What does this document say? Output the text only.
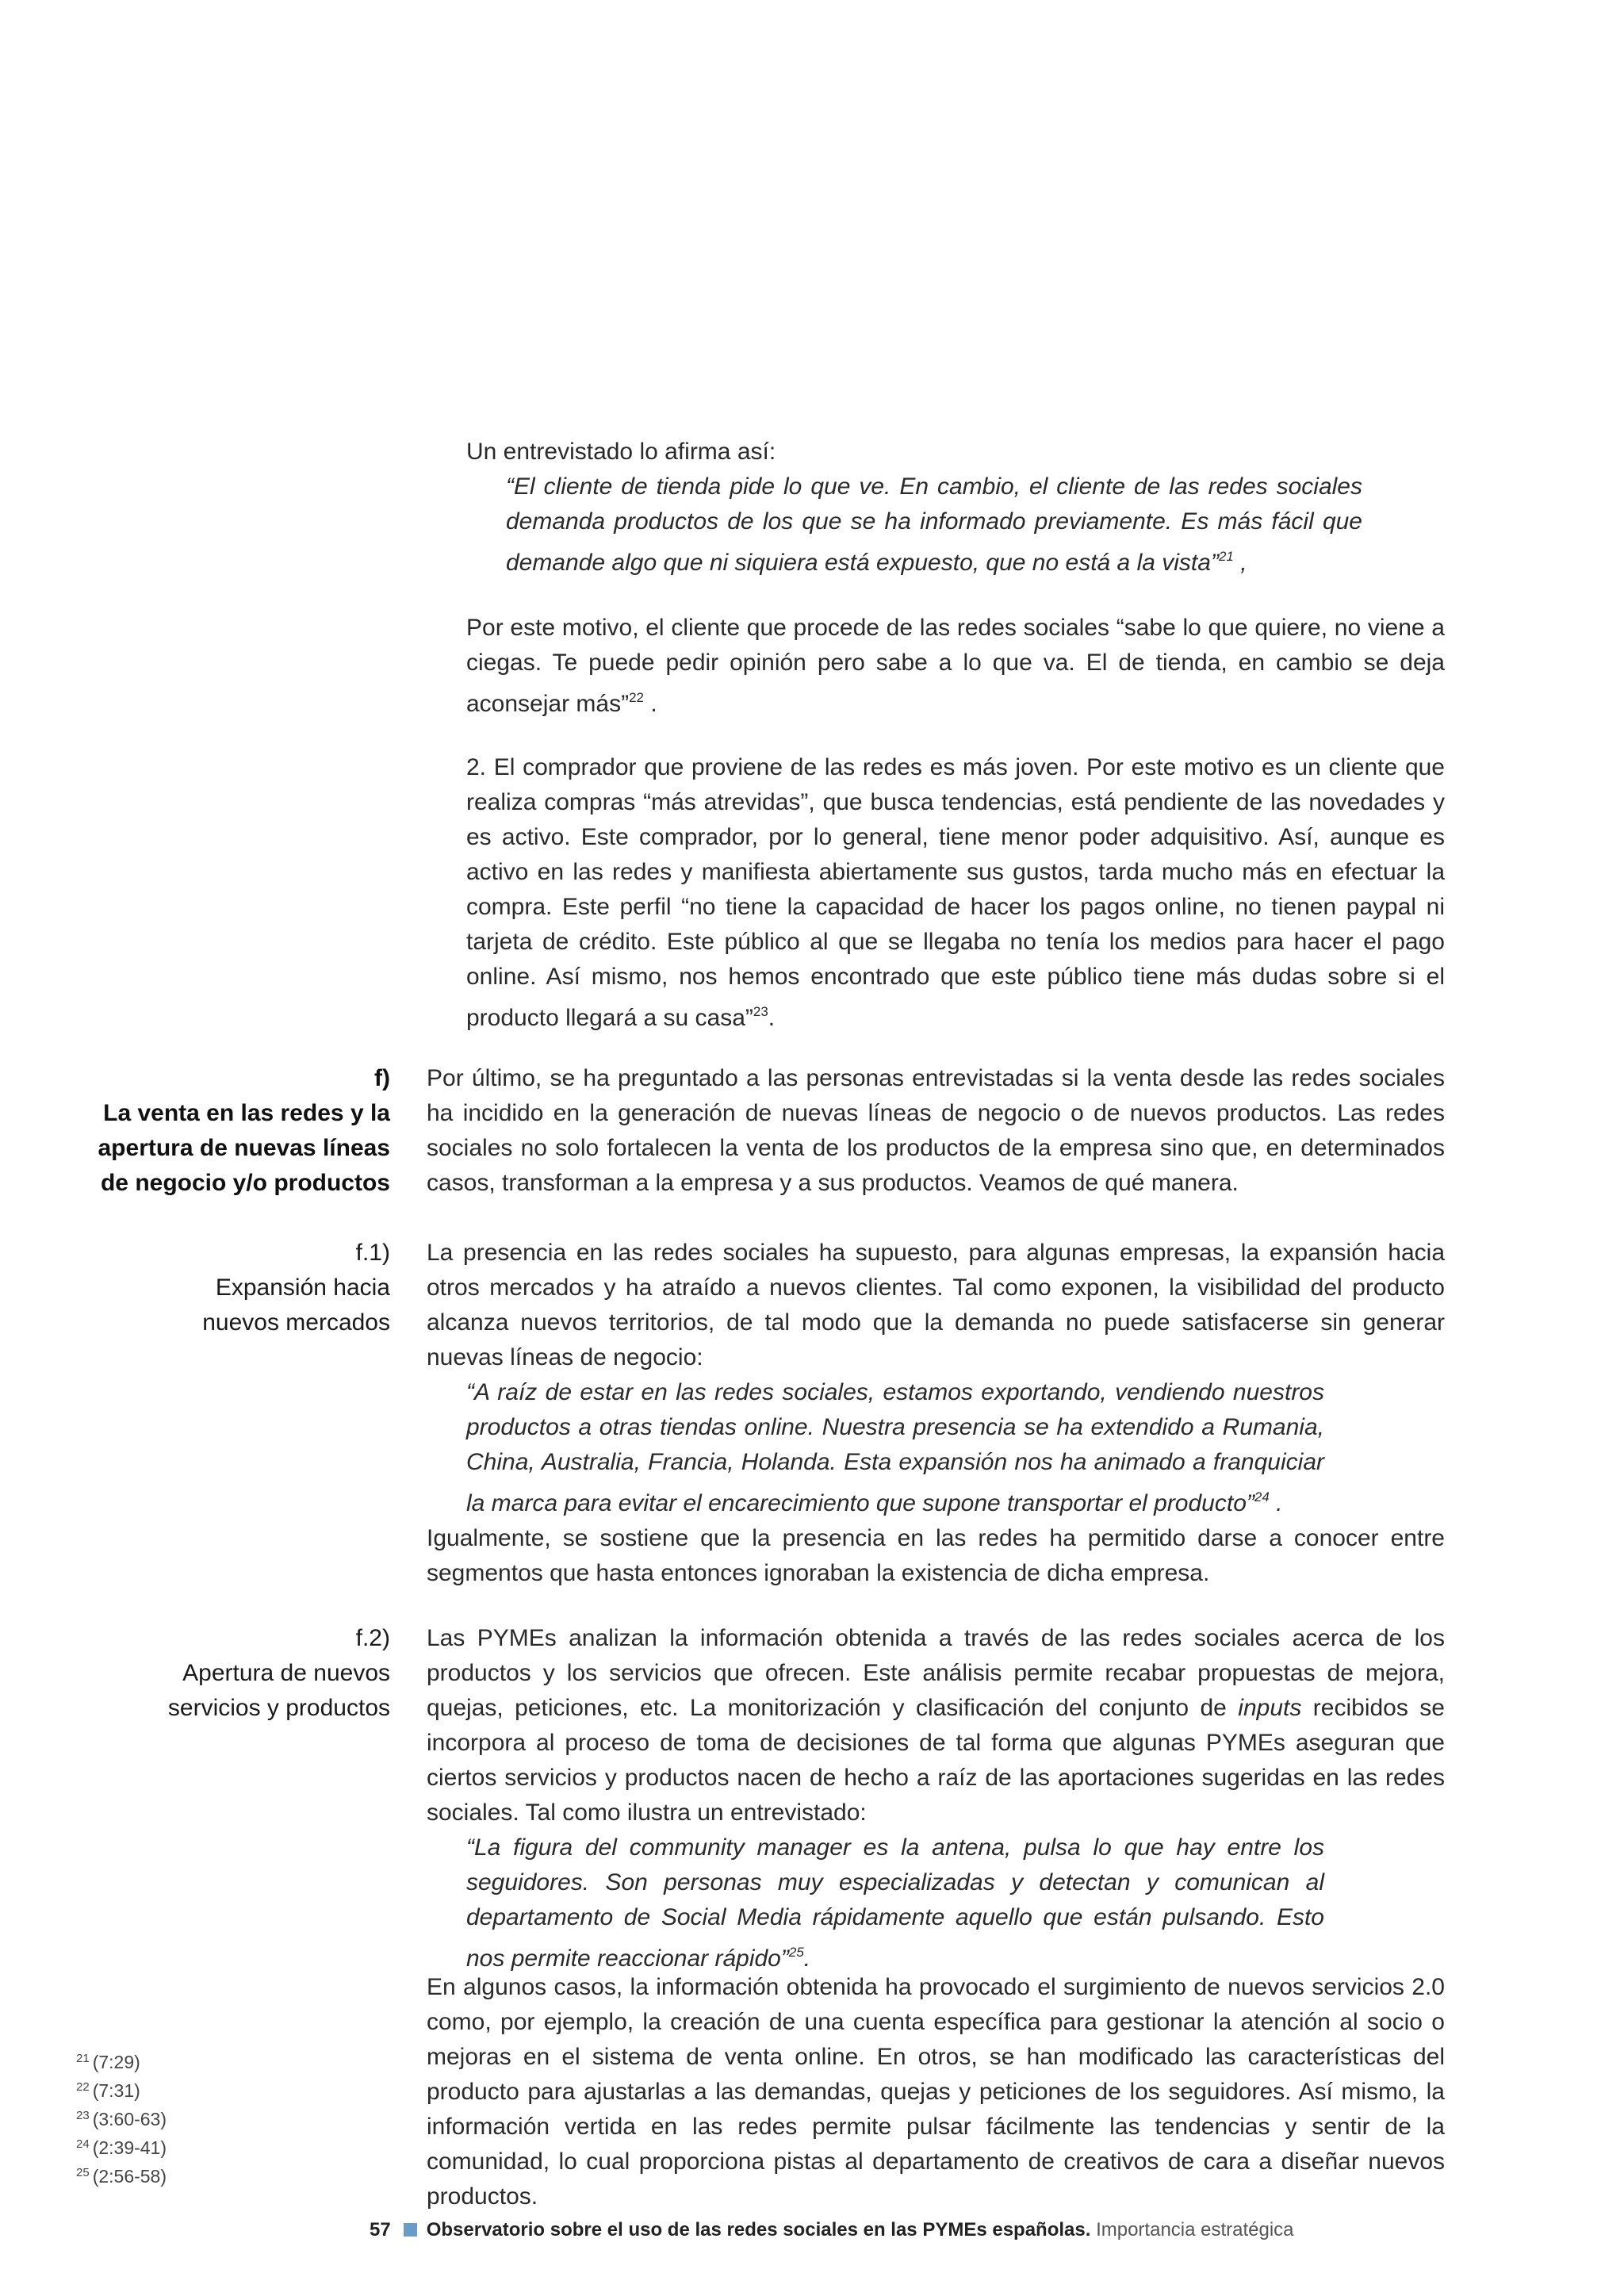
Un entrevistado lo afirma así:

“El cliente de tienda pide lo que ve. En cambio, el cliente de las redes sociales demanda productos de los que se ha informado previamente. Es más fácil que demande algo que ni siquiera está expuesto, que no está a la vista”$^{21}$ ,

Por este motivo, el cliente que procede de las redes sociales “sabe lo que quiere, no viene a ciegas. Te puede pedir opinión pero sabe a lo que va. El de tienda, en cambio se deja aconsejar más”$^{22}$ .

2. El comprador que proviene de las redes es más joven. Por este motivo es un cliente que realiza compras “más atrevidas”, que busca tendencias, está pendiente de las novedades y es activo. Este comprador, por lo general, tiene menor poder adquisitivo. Así, aunque es activo en las redes y manifiesta abiertamente sus gustos, tarda mucho más en efectuar la compra. Este perfil “no tiene la capacidad de hacer los pagos online, no tienen paypal ni tarjeta de crédito. Este público al que se llegaba no tenía los medios para hacer el pago online. Así mismo, nos hemos encontrado que este público tiene más dudas sobre si el producto llegará a su casa”$^{23}$.

f)
La venta en las redes y la
apertura de nuevas líneas
de negocio y/o productos

Por último, se ha preguntado a las personas entrevistadas si la venta desde las redes sociales ha incidido en la generación de nuevas líneas de negocio o de nuevos productos. Las redes sociales no solo fortalecen la venta de los productos de la empresa sino que, en determinados casos, transforman a la empresa y a sus productos. Veamos de qué manera.

f.1)
Expansión hacia
nuevos mercados

La presencia en las redes sociales ha supuesto, para algunas empresas, la expansión hacia otros mercados y ha atraído a nuevos clientes. Tal como exponen, la visibilidad del producto alcanza nuevos territorios, de tal modo que la demanda no puede satisfacerse sin generar nuevas líneas de negocio:

“A raíz de estar en las redes sociales, estamos exportando, vendiendo nuestros productos a otras tiendas online. Nuestra presencia se ha extendido a Rumania, China, Australia, Francia, Holanda. Esta expansión nos ha animado a franquiciar la marca para evitar el encarecimiento que supone transportar el producto”$^{24}$ .

Igualmente, se sostiene que la presencia en las redes ha permitido darse a conocer entre segmentos que hasta entonces ignoraban la existencia de dicha empresa.

f.2)
Apertura de nuevos
servicios y productos

Las PYMEs analizan la información obtenida a través de las redes sociales acerca de los productos y los servicios que ofrecen. Este análisis permite recabar propuestas de mejora, quejas, peticiones, etc. La monitorización y clasificación del conjunto de inputs recibidos se incorpora al proceso de toma de decisiones de tal forma que algunas PYMEs aseguran que ciertos servicios y productos nacen de hecho a raíz de las aportaciones sugeridas en las redes sociales. Tal como ilustra un entrevistado:

“La figura del community manager es la antena, pulsa lo que hay entre los seguidores. Son personas muy especializadas y detectan y comunican al departamento de Social Media rápidamente aquello que están pulsando. Esto nos permite reaccionar rápido”$^{25}$.

En algunos casos, la información obtenida ha provocado el surgimiento de nuevos servicios 2.0 como, por ejemplo, la creación de una cuenta específica para gestionar la atención al socio o mejoras en el sistema de venta online. En otros, se han modificado las características del producto para ajustarlas a las demandas, quejas y peticiones de los seguidores. Así mismo, la información vertida en las redes permite pulsar fácilmente las tendencias y sentir de la comunidad, lo cual proporciona pistas al departamento de creativos de cara a diseñar nuevos productos.

$^{21}$ (7:29)
$^{22}$ (7:31)
$^{23}$ (3:60-63)
$^{24}$ (2:39-41)
$^{25}$ (2:56-58)
57 Observatorio sobre el uso de las redes sociales en las PYMEs españolas. Importancia estratégica
